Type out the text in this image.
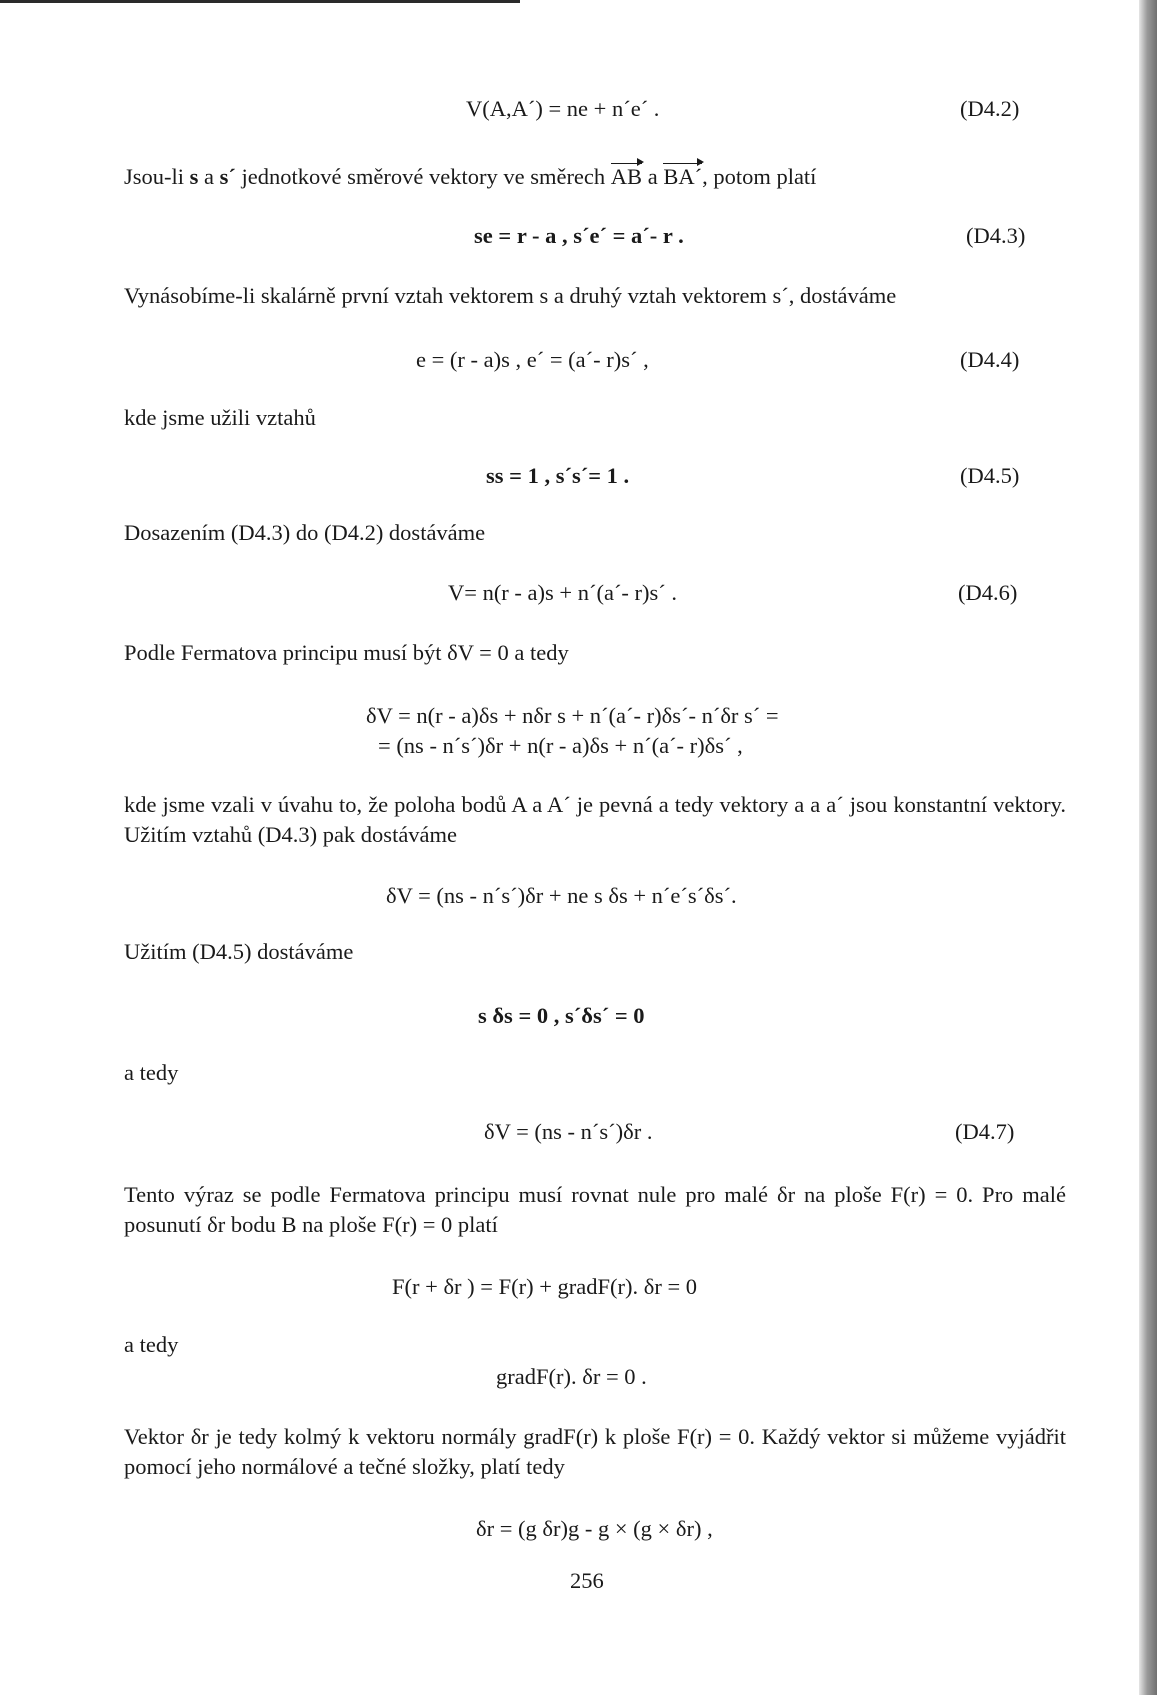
V(A,A´) = ne + n´e´ .	(D4.2)
Jsou-li s a s´ jednotkové směrové vektory ve směrech AB a BA´, potom platí
se = r - a , s´e´ = a´- r .	(D4.3)
Vynásobíme-li skalárně první vztah vektorem s a druhý vztah vektorem s´, dostáváme
e = (r - a)s , e´ = (a´- r)s´ ,	(D4.4)
kde jsme užili vztahů
ss = 1 , s´s´= 1 .	(D4.5)
Dosazením (D4.3) do (D4.2) dostáváme
V= n(r - a)s + n´(a´- r)s´ .	(D4.6)
Podle Fermatova principu musí být δV = 0 a tedy
δV = n(r - a)δs + nδr s + n´(a´- r)δs´- n´δr s´ =
= (ns - n´s´)δr + n(r - a)δs + n´(a´- r)δs´ ,
kde jsme vzali v úvahu to, že poloha bodů A a A´ je pevná a tedy vektory a a a´ jsou konstantní vektory. Užitím vztahů (D4.3) pak dostáváme
δV = (ns - n´s´)δr + ne s δs + n´e´s´δs´.
Užitím (D4.5) dostáváme
s δs = 0 , s´δs´ = 0
a tedy
δV = (ns - n´s´)δr .	(D4.7)
Tento výraz se podle Fermatova principu musí rovnat nule pro malé δr na ploše F(r) = 0. Pro malé posunutí δr bodu B na ploše F(r) = 0 platí
F(r + δr ) = F(r) + gradF(r). δr = 0
a tedy
gradF(r). δr = 0 .
Vektor δr je tedy kolmý k vektoru normály gradF(r) k ploše F(r) = 0. Každý vektor si můžeme vyjádřit pomocí jeho normálové a tečné složky, platí tedy
δr = (g δr)g - g × (g × δr) ,
256
